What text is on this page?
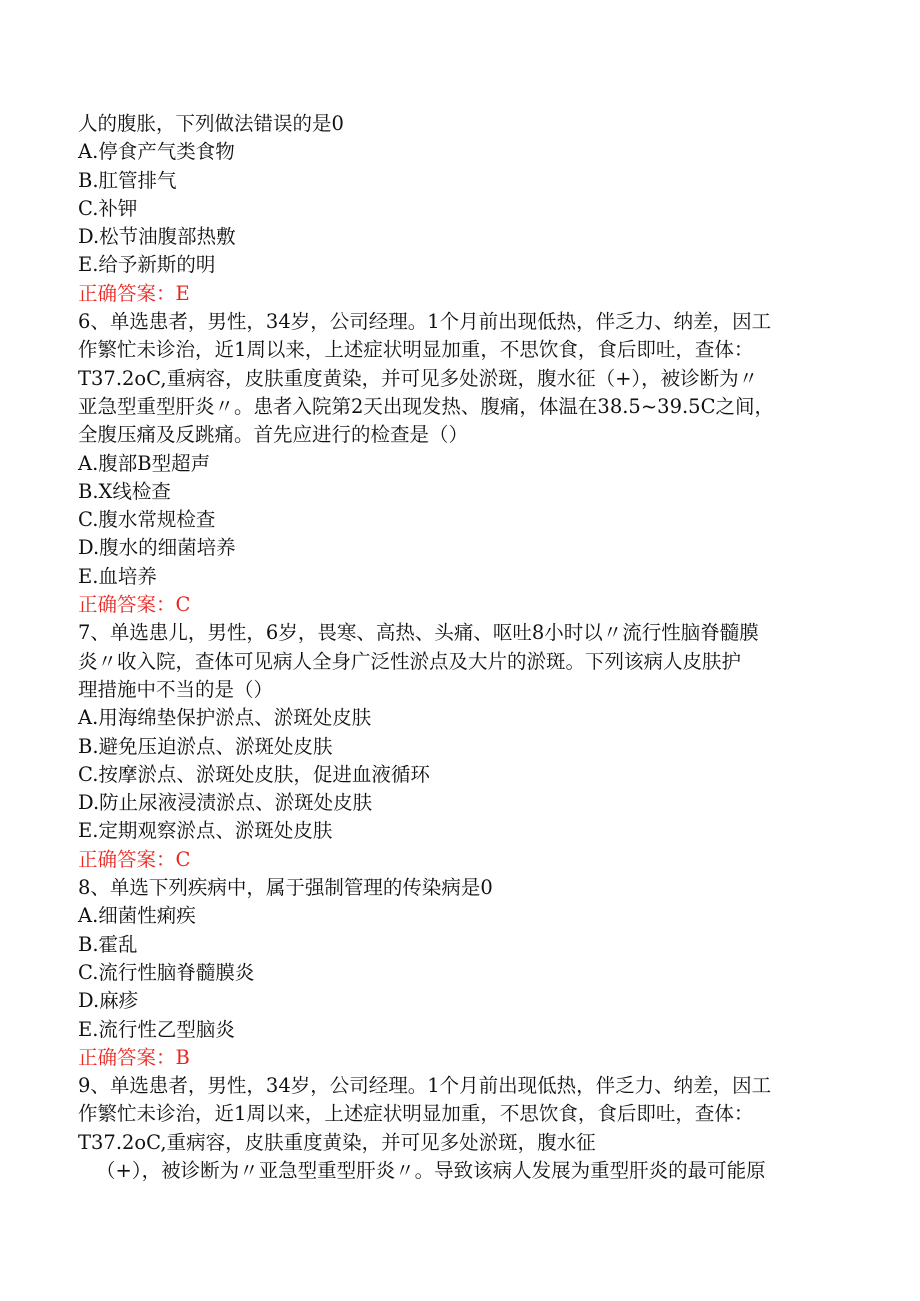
人的腹胀，下列做法错误的是0
A.停食产气类食物
B.肛管排气
C.补钾
D.松节油腹部热敷
E.给予新斯的明
正确答案：E
6、单选患者，男性，34岁，公司经理。1个月前出现低热，伴乏力、纳差，因工
作繁忙未诊治，近1周以来，上述症状明显加重，不思饮食，食后即吐，查体：
T37.2oC,重病容，皮肤重度黄染，并可见多处淤斑，腹水征（+），被诊断为〃
亚急型重型肝炎〃。患者入院第2天出现发热、腹痛，体温在38.5~39.5C之间，
全腹压痛及反跳痛。首先应进行的检查是（）
A.腹部B型超声
B.X线检查
C.腹水常规检查
D.腹水的细菌培养
E.血培养
正确答案：C
7、单选患儿，男性，6岁，畏寒、高热、头痛、呕吐8小时以〃流行性脑脊髓膜
炎〃收入院，查体可见病人全身广泛性淤点及大片的淤斑。下列该病人皮肤护
理措施中不当的是（）
A.用海绵垫保护淤点、淤斑处皮肤
B.避免压迫淤点、淤斑处皮肤
C.按摩淤点、淤斑处皮肤，促进血液循环
D.防止尿液浸渍淤点、淤斑处皮肤
E.定期观察淤点、淤斑处皮肤
正确答案：C
8、单选下列疾病中，属于强制管理的传染病是0
A.细菌性痢疾
B.霍乱
C.流行性脑脊髓膜炎
D.麻疹
E.流行性乙型脑炎
正确答案：B
9、单选患者，男性，34岁，公司经理。1个月前出现低热，伴乏力、纳差，因工
作繁忙未诊治，近1周以来，上述症状明显加重，不思饮食，食后即吐，查体：
T37.2oC,重病容，皮肤重度黄染，并可见多处淤斑，腹水征
（+），被诊断为〃亚急型重型肝炎〃。导致该病人发展为重型肝炎的最可能原
